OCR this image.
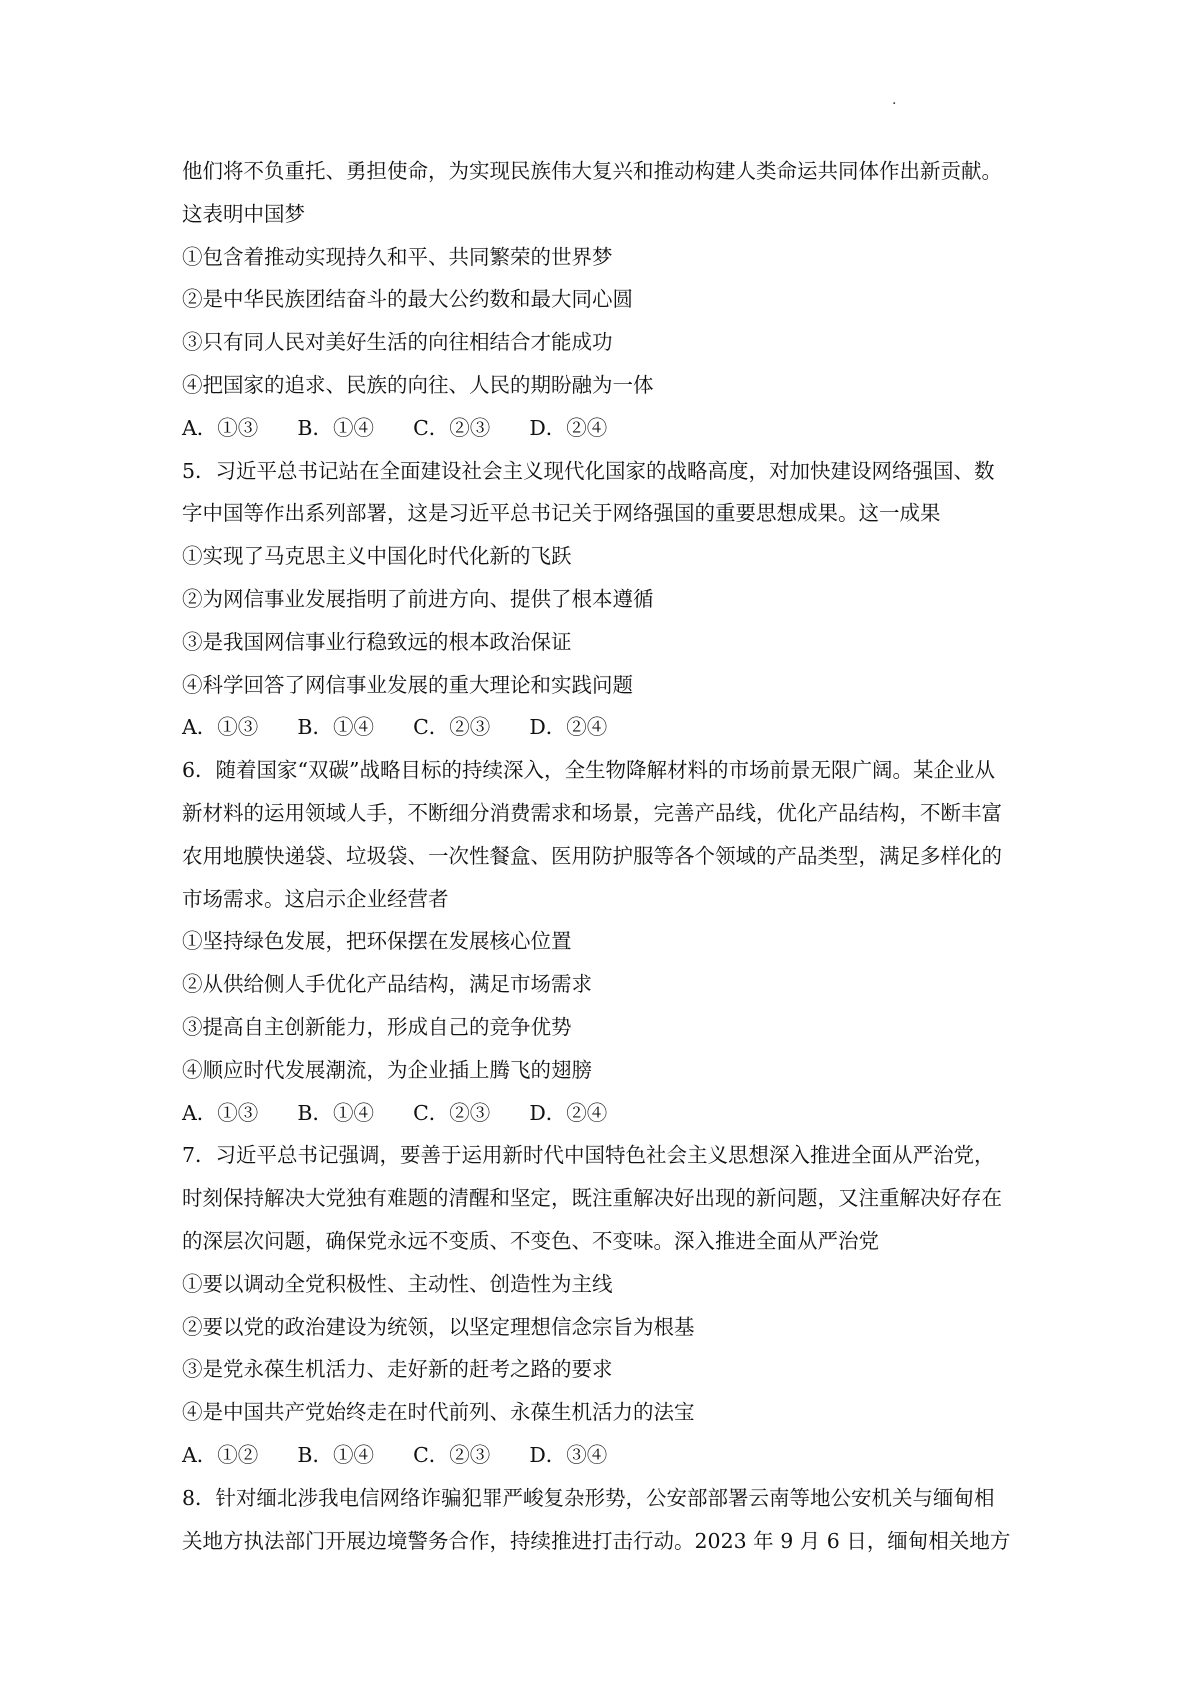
.
他们将不负重托、勇担使命，为实现民族伟大复兴和推动构建人类命运共同体作出新贡献。
这表明中国梦
①包含着推动实现持久和平、共同繁荣的世界梦
②是中华民族团结奋斗的最大公约数和最大同心圆
③只有同人民对美好生活的向往相结合才能成功
④把国家的追求、民族的向往、人民的期盼融为一体
A．①③      B．①④      C．②③      D．②④
5．习近平总书记站在全面建设社会主义现代化国家的战略高度，对加快建设网络强国、数
字中国等作出系列部署，这是习近平总书记关于网络强国的重要思想成果。这一成果
①实现了马克思主义中国化时代化新的飞跃
②为网信事业发展指明了前进方向、提供了根本遵循
③是我国网信事业行稳致远的根本政治保证
④科学回答了网信事业发展的重大理论和实践问题
A．①③      B．①④      C．②③      D．②④
6．随着国家“双碳”战略目标的持续深入，全生物降解材料的市场前景无限广阔。某企业从
新材料的运用领域人手，不断细分消费需求和场景，完善产品线，优化产品结构，不断丰富
农用地膜快递袋、垃圾袋、一次性餐盒、医用防护服等各个领域的产品类型，满足多样化的
市场需求。这启示企业经营者
①坚持绿色发展，把环保摆在发展核心位置
②从供给侧人手优化产品结构，满足市场需求
③提高自主创新能力，形成自己的竞争优势
④顺应时代发展潮流，为企业插上腾飞的翅膀
A．①③      B．①④      C．②③      D．②④
7．习近平总书记强调，要善于运用新时代中国特色社会主义思想深入推进全面从严治党，
时刻保持解决大党独有难题的清醒和坚定，既注重解决好出现的新问题，又注重解决好存在
的深层次问题，确保党永远不变质、不变色、不变味。深入推进全面从严治党
①要以调动全党积极性、主动性、创造性为主线
②要以党的政治建设为统领，以坚定理想信念宗旨为根基
③是党永葆生机活力、走好新的赶考之路的要求
④是中国共产党始终走在时代前列、永葆生机活力的法宝
A．①②      B．①④      C．②③      D．③④
8．针对缅北涉我电信网络诈骗犯罪严峻复杂形势，公安部部署云南等地公安机关与缅甸相
关地方执法部门开展边境警务合作，持续推进打击行动。2023 年 9 月 6 日，缅甸相关地方
